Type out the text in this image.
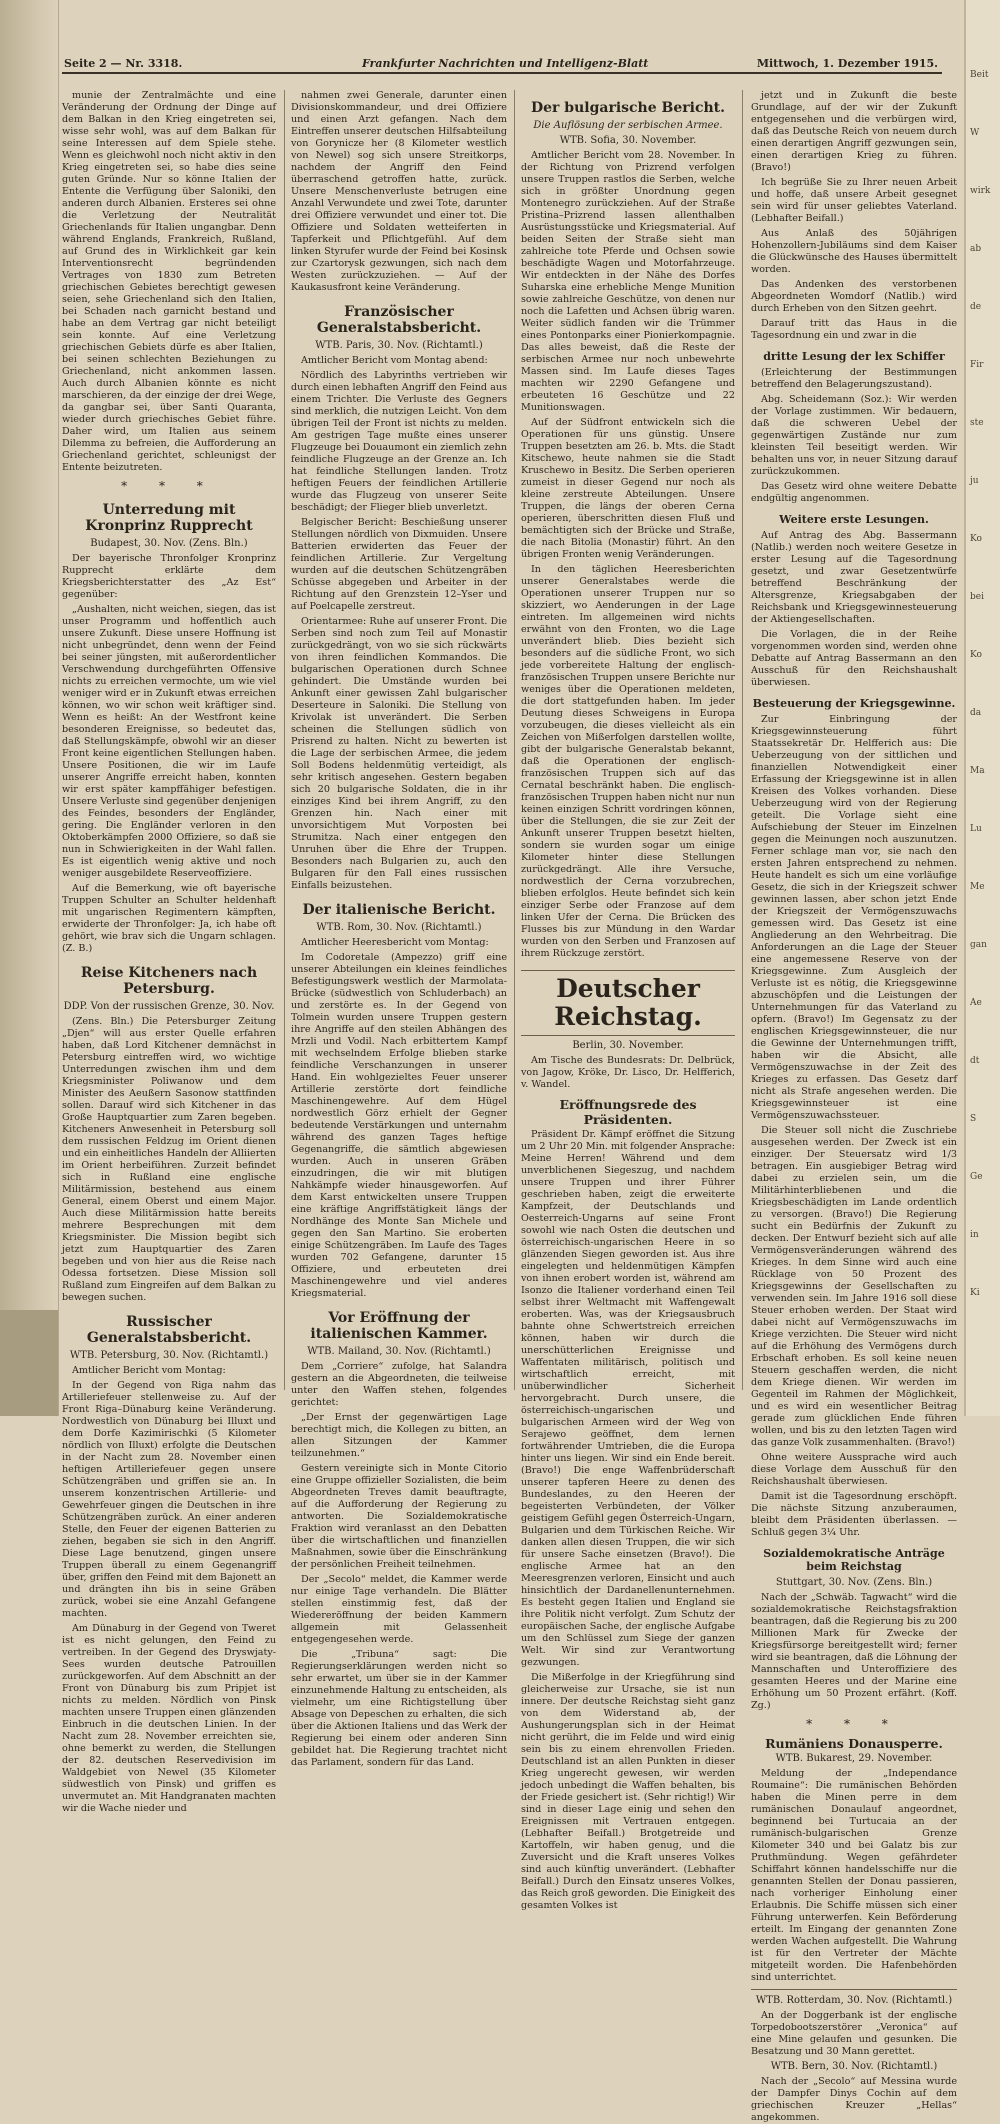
Beit
W
wirk
ab
de
Fir
ste
ju
Ko
bei
Ko
da
Ma
Lu
Me
gan
Ae
dt
S
Ge
in
Ki
Seite 2 — Nr. 3318.	Frankfurter Nachrichten und Intelligenz-Blatt	Mittwoch, 1. Dezember 1915.

munie der Zentralmächte und eine Veränderung der Ordnung der Dinge auf dem Balkan in den Krieg eingetreten sei, wisse sehr wohl, was auf dem Balkan für seine Interessen auf dem Spiele stehe. Wenn es gleichwohl noch nicht aktiv in den Krieg eingetreten sei, so habe dies seine guten Gründe. Nur so könne Italien der Entente die Verfügung über Saloniki, den anderen durch Albanien. Ersteres sei ohne die Verletzung der Neutralität Griechenlands für Italien ungangbar. Denn während Englands, Frankreich, Rußland, auf Grund des in Wirklichkeit gar kein Interventionsrecht begründenden Vertrages von 1830 zum Betreten griechischen Gebietes berechtigt gewesen seien, sehe Griechenland sich den Italien, bei Schaden nach garnicht bestand und habe an dem Vertrag gar nicht beteiligt sein konnte. Auf eine Verletzung griechischen Gebiets dürfe es aber Italien, bei seinen schlechten Beziehungen zu Griechenland, nicht ankommen lassen. Auch durch Albanien könnte es nicht marschieren, da der einzige der drei Wege, da gangbar sei, über Santi Quaranta, wieder durch griechisches Gebiet führe. Daher wird, um Italien aus seinem Dilemma zu befreien, die Aufforderung an Griechenland gerichtet, schleunigst der Entente beizutreten.

* * *
Unterredung mit Kronprinz Rupprecht
Budapest, 30. Nov. (Zens. Bln.)

Der bayerische Thronfolger Kronprinz Rupprecht erklärte dem Kriegsberichterstatter des „Az Est“ gegenüber:

„Aushalten, nicht weichen, siegen, das ist unser Programm und hoffentlich auch unsere Zukunft. Diese unsere Hoffnung ist nicht unbegründet, denn wenn der Feind bei seiner jüngsten, mit außerordentlicher Verschwendung durchgeführten Offensive nichts zu erreichen vermochte, um wie viel weniger wird er in Zukunft etwas erreichen können, wo wir schon weit kräftiger sind. Wenn es heißt: An der Westfront keine besonderen Ereignisse, so bedeutet das, daß Stellungskämpfe, obwohl wir an dieser Front keine eigentlichen Stellungen haben. Unsere Positionen, die wir im Laufe unserer Angriffe erreicht haben, konnten wir erst später kampffähiger befestigen. Unsere Verluste sind gegenüber denjenigen des Feindes, besonders der Engländer, gering. Die Engländer verloren in den Oktoberkämpfen 2000 Offiziere, so daß sie nun in Schwierigkeiten in der Wahl fallen. Es ist eigentlich wenig aktive und noch weniger ausgebildete Reserveoffiziere.

Auf die Bemerkung, wie oft bayerische Truppen Schulter an Schulter heldenhaft mit ungarischen Regimentern kämpften, erwiderte der Thronfolger: Ja, ich habe oft gehört, wie brav sich die Ungarn schlagen. (Z. B.)

Reise Kitcheners nach Petersburg.
DDP. Von der russischen Grenze, 30. Nov.

(Zens. Bln.) Die Petersburger Zeitung „Djen“ will aus erster Quelle erfahren haben, daß Lord Kitchener demnächst in Petersburg eintreffen wird, wo wichtige Unterredungen zwischen ihm und dem Kriegsminister Poliwanow und dem Minister des Aeußern Sasonow stattfinden sollen. Darauf wird sich Kitchener in das Große Hauptquartier zum Zaren begeben. Kitcheners Anwesenheit in Petersburg soll dem russischen Feldzug im Orient dienen und ein einheitliches Handeln der Alliierten im Orient herbeiführen. Zurzeit befindet sich in Rußland eine englische Militärmission, bestehend aus einem General, einem Oberst und einem Major. Auch diese Militärmission hatte bereits mehrere Besprechungen mit dem Kriegsminister. Die Mission begibt sich jetzt zum Hauptquartier des Zaren begeben und von hier aus die Reise nach Odessa fortsetzen. Diese Mission soll Rußland zum Eingreifen auf dem Balkan zu bewegen suchen.

Russischer Generalstabsbericht.
WTB. Petersburg, 30. Nov. (Richtamtl.)

Amtlicher Bericht vom Montag:

In der Gegend von Riga nahm das Artilleriefeuer stellenweise zu. Auf der Front Riga–Dünaburg keine Veränderung. Nordwestlich von Dünaburg bei Illuxt und dem Dorfe Kazimirischki (5 Kilometer nördlich von Illuxt) erfolgte die Deutschen in der Nacht zum 28. November einen heftigen Artilleriefeuer gegen unsere Schützengräben und griffen sie an. In unserem konzentrischen Artillerie- und Gewehrfeuer gingen die Deutschen in ihre Schützengräben zurück. An einer anderen Stelle, den Feuer der eigenen Batterien zu ziehen, begaben sie sich in den Angriff. Diese Lage benutzend, gingen unsere Truppen überall zu einem Gegenangriff über, griffen den Feind mit dem Bajonett an und drängten ihn bis in seine Gräben zurück, wobei sie eine Anzahl Gefangene machten.

Am Dünaburg in der Gegend von Tweret ist es nicht gelungen, den Feind zu vertreiben. In der Gegend des Dryswjaty-Sees wurden deutsche Patrouillen zurückgeworfen. Auf dem Abschnitt an der Front von Dünaburg bis zum Pripjet ist nichts zu melden. Nördlich von Pinsk machten unsere Truppen einen glänzenden Einbruch in die deutschen Linien. In der Nacht zum 28. November erreichten sie, ohne bemerkt zu werden, die Stellungen der 82. deutschen Reservedivision im Waldgebiet von Newel (35 Kilometer südwestlich von Pinsk) und griffen es unvermutet an. Mit Handgranaten machten wir die Wache nieder und

nahmen zwei Generale, darunter einen Divisionskommandeur, und drei Offiziere und einen Arzt gefangen. Nach dem Eintreffen unserer deutschen Hilfsabteilung von Gorynicze her (8 Kilometer westlich von Newel) sog sich unsere Streitkorps, nachdem der Angriff den Feind überraschend getroffen hatte, zurück. Unsere Menschenverluste betrugen eine Anzahl Verwundete und zwei Tote, darunter drei Offiziere verwundet und einer tot. Die Offiziere und Soldaten wetteiferten in Tapferkeit und Pflichtgefühl. Auf dem linken Styrufer wurde der Feind bei Kosinsk zur Czartorysk gezwungen, sich nach dem Westen zurückzuziehen. — Auf der Kaukasusfront keine Veränderung.

Französischer Generalstabsbericht.
WTB. Paris, 30. Nov. (Richtamtl.)

Amtlicher Bericht vom Montag abend:

Nördlich des Labyrinths vertrieben wir durch einen lebhaften Angriff den Feind aus einem Trichter. Die Verluste des Gegners sind merklich, die nutzigen Leicht. Von dem übrigen Teil der Front ist nichts zu melden. Am gestrigen Tage mußte eines unserer Flugzeuge bei Douaumont ein ziemlich zehn feindliche Flugzeuge an der Grenze an. Ich hat feindliche Stellungen landen. Trotz heftigen Feuers der feindlichen Artillerie wurde das Flugzeug von unserer Seite beschädigt; der Flieger blieb unverletzt.

Belgischer Bericht: Beschießung unserer Stellungen nördlich von Dixmuiden. Unsere Batterien erwiderten das Feuer der feindlichen Artillerie. Zur Vergeltung wurden auf die deutschen Schützengräben Schüsse abgegeben und Arbeiter in der Richtung auf den Grenzstein 12–Yser und auf Poelcapelle zerstreut.

Orientarmee: Ruhe auf unserer Front. Die Serben sind noch zum Teil auf Monastir zurückgedrängt, von wo sie sich rückwärts von ihren feindlichen Kommandos. Die bulgarischen Operationen durch Schnee gehindert. Die Umstände wurden bei Ankunft einer gewissen Zahl bulgarischer Deserteure in Saloniki. Die Stellung von Krivolak ist unverändert. Die Serben scheinen die Stellungen südlich von Prisrend zu halten. Nicht zu bewerten ist die Lage der serbischen Armee, die jedem Soll Bodens heldenmütig verteidigt, als sehr kritisch angesehen. Gestern begaben sich 20 bulgarische Soldaten, die in ihr einziges Kind bei ihrem Angriff, zu den Grenzen hin. Nach einer mit unvorsichtigem Mut Vorposten bei Strumitza. Nach einer entgegen den Unruhen über die Ehre der Truppen. Besonders nach Bulgarien zu, auch den Bulgaren für den Fall eines russischen Einfalls beizustehen.

Der italienische Bericht.
WTB. Rom, 30. Nov. (Richtamtl.)

Amtlicher Heeresbericht vom Montag:

Im Codoretale (Ampezzo) griff eine unserer Abteilungen ein kleines feindliches Befestigungswerk westlich der Marmolata-Brücke (südwestlich von Schluderbach) an und zerstörte es. In der Gegend von Tolmein wurden unsere Truppen gestern ihre Angriffe auf den steilen Abhängen des Mrzli und Vodil. Nach erbittertem Kampf mit wechselndem Erfolge blieben starke feindliche Verschanzungen in unserer Hand. Ein wohlgezieltes Feuer unserer Artillerie zerstörte dort feindliche Maschinengewehre. Auf dem Hügel nordwestlich Görz erhielt der Gegner bedeutende Verstärkungen und unternahm während des ganzen Tages heftige Gegenangriffe, die sämtlich abgewiesen wurden. Auch in unseren Gräben einzudringen, die wir mit blutigen Nahkämpfe wieder hinausgeworfen. Auf dem Karst entwickelten unsere Truppen eine kräftige Angriffstätigkeit längs der Nordhänge des Monte San Michele und gegen den San Martino. Sie eroberten einige Schützengräben. Im Laufe des Tages wurden 702 Gefangene, darunter 15 Offiziere, und erbeuteten drei Maschinengewehre und viel anderes Kriegsmaterial.

Vor Eröffnung der italienischen Kammer.
WTB. Mailand, 30. Nov. (Richtamtl.)

Dem „Corriere“ zufolge, hat Salandra gestern an die Abgeordneten, die teilweise unter den Waffen stehen, folgendes gerichtet:

„Der Ernst der gegenwärtigen Lage berechtigt mich, die Kollegen zu bitten, an allen Sitzungen der Kammer teilzunehmen.“

Gestern vereinigte sich in Monte Citorio eine Gruppe offizieller Sozialisten, die beim Abgeordneten Treves damit beauftragte, auf die Aufforderung der Regierung zu antworten. Die Sozialdemokratische Fraktion wird veranlasst an den Debatten über die wirtschaftlichen und finanziellen Maßnahmen, sowie über die Einschränkung der persönlichen Freiheit teilnehmen.

Der „Secolo“ meldet, die Kammer werde nur einige Tage verhandeln. Die Blätter stellen einstimmig fest, daß der Wiedereröffnung der beiden Kammern allgemein mit Gelassenheit entgegengesehen werde.

Die „Tribuna“ sagt: Die Regierungserklärungen werden nicht so sehr erwartet, um über sie in der Kammer einzunehmende Haltung zu entscheiden, als vielmehr, um eine Richtigstellung über Absage von Depeschen zu erhalten, die sich über die Aktionen Italiens und das Werk der Regierung bei einem oder anderen Sinn gebildet hat. Die Regierung trachtet nicht das Parlament, sondern für das Land.

Der bulgarische Bericht.
Die Auflösung der serbischen Armee.
WTB. Sofia, 30. November.

Amtlicher Bericht vom 28. November. In der Richtung von Prizrend verfolgen unsere Truppen rastlos die Serben, welche sich in größter Unordnung gegen Montenegro zurückziehen. Auf der Straße Pristina–Prizrend lassen allenthalben Ausrüstungsstücke und Kriegsmaterial. Auf beiden Seiten der Straße sieht man zahlreiche tote Pferde und Ochsen sowie beschädigte Wagen und Motorfahrzeuge. Wir entdeckten in der Nähe des Dorfes Suharska eine erhebliche Menge Munition sowie zahlreiche Geschütze, von denen nur noch die Lafetten und Achsen übrig waren. Weiter südlich fanden wir die Trümmer eines Pontonparks einer Pionierkompagnie. Das alles beweist, daß die Reste der serbischen Armee nur noch unbewehrte Massen sind. Im Laufe dieses Tages machten wir 2290 Gefangene und erbeuteten 16 Geschütze und 22 Munitionswagen.

Auf der Südfront entwickeln sich die Operationen für uns günstig. Unsere Truppen besetzten am 26. b. Mts. die Stadt Kitschewo, heute nahmen sie die Stadt Kruschewo in Besitz. Die Serben operieren zumeist in dieser Gegend nur noch als kleine zerstreute Abteilungen. Unsere Truppen, die längs der oberen Cerna operieren, überschritten diesen Fluß und bemächtigten sich der Brücke und Straße, die nach Bitolia (Monastir) führt. An den übrigen Fronten wenig Veränderungen.

In den täglichen Heeresberichten unserer Generalstabes werde die Operationen unserer Truppen nur so skizziert, wo Aenderungen in der Lage eintreten. Im allgemeinen wird nichts erwähnt von den Fronten, wo die Lage unverändert blieb. Dies bezieht sich besonders auf die südliche Front, wo sich jede vorbereitete Haltung der englisch-französischen Truppen unsere Berichte nur weniges über die Operationen meldeten, die dort stattgefunden haben. Im jeder Deutung dieses Schweigens in Europa vorzubeugen, die dieses vielleicht als ein Zeichen von Mißerfolgen darstellen wollte, gibt der bulgarische Generalstab bekannt, daß die Operationen der englisch-französischen Truppen sich auf das Cernatal beschränkt haben. Die englisch-französischen Truppen haben nicht nur nun keinen einzigen Schritt vordringen können, über die Stellungen, die sie zur Zeit der Ankunft unserer Truppen besetzt hielten, sondern sie wurden sogar um einige Kilometer hinter diese Stellungen zurückgedrängt. Alle ihre Versuche, nordwestlich der Cerna vorzubrechen, blieben erfolglos. Heute befindet sich kein einziger Serbe oder Franzose auf dem linken Ufer der Cerna. Die Brücken des Flusses bis zur Mündung in den Wardar wurden von den Serben und Franzosen auf ihrem Rückzuge zerstört.

Deutscher Reichstag.
Berlin, 30. November.

Am Tische des Bundesrats: Dr. Delbrück, von Jagow, Kröke, Dr. Lisco, Dr. Helfferich, v. Wandel.

Eröffnungsrede des Präsidenten.

Präsident Dr. Kämpf eröffnet die Sitzung um 2 Uhr 20 Min. mit folgender Ansprache: Meine Herren! Während und dem unverblichenen Siegeszug, und nachdem unsere Truppen und ihrer Führer geschrieben haben, zeigt die erweiterte Kampfzeit, der Deutschlands und Oesterreich-Ungarns auf seine Front sowohl wie nach Osten die deutschen und österreichisch-ungarischen Heere in so glänzenden Siegen geworden ist. Aus ihre eingelegten und heldenmütigen Kämpfen von ihnen erobert worden ist, während am Isonzo die Italiener vorderhand einen Teil selbst ihrer Weltmacht mit Waffengewalt eroberten. Was, was der Kriegsausbruch bahnte ohne Schwertstreich erreichen können, haben wir durch die unerschütterlichen Ereignisse und Waffentaten militärisch, politisch und wirtschaftlich erreicht, mit unüberwindlicher Sicherheit hervorgebracht. Durch unsere, die österreichisch-ungarischen und bulgarischen Armeen wird der Weg von Serajewo geöffnet, dem lernen fortwährender Umtrieben, die die Europa hinter uns liegen. Wir sind ein Ende bereit. (Bravo!) Die enge Waffenbrüderschaft unserer tapferen Heere zu denen des Bundeslandes, zu den Heeren der begeisterten Verbündeten, der Völker geistigem Gefühl gegen Österreich-Ungarn, Bulgarien und dem Türkischen Reiche. Wir danken allen diesen Truppen, die wir sich für unsere Sache einsetzen (Bravo!). Die englische Armee hat an den Meeresgrenzen verloren, Einsicht und auch hinsichtlich der Dardanellenunternehmen. Es besteht gegen Italien und England sie ihre Politik nicht verfolgt. Zum Schutz der europäischen Sache, der englische Aufgabe um den Schlüssel zum Siege der ganzen Welt. Wir sind zur Verantwortung gezwungen.

Die Mißerfolge in der Kriegführung sind gleicherweise zur Ursache, sie ist nun innere. Der deutsche Reichstag sieht ganz von dem Widerstand ab, der Aushungerungsplan sich in der Heimat nicht gerührt, die im Felde und wird einig sein bis zu einem ehrenvollen Frieden. Deutschland ist an allen Punkten in dieser Krieg ungerecht gewesen, wir werden jedoch unbedingt die Waffen behalten, bis der Friede gesichert ist. (Sehr richtig!) Wir sind in dieser Lage einig und sehen den Ereignissen mit Vertrauen entgegen. (Lebhafter Beifall.) Brotgetreide und Kartoffeln, wir haben genug, und die Zuversicht und die Kraft unseres Volkes sind auch künftig unverändert. (Lebhafter Beifall.) Durch den Einsatz unseres Volkes, das Reich groß geworden. Die Einigkeit des gesamten Volkes ist

jetzt und in Zukunft die beste Grundlage, auf der wir der Zukunft entgegensehen und die verbürgen wird, daß das Deutsche Reich von neuem durch einen derartigen Angriff gezwungen sein, einen derartigen Krieg zu führen. (Bravo!)

Ich begrüße Sie zu Ihrer neuen Arbeit und hoffe, daß unsere Arbeit gesegnet sein wird für unser geliebtes Vaterland. (Lebhafter Beifall.)

Aus Anlaß des 50jährigen Hohenzollern-Jubiläums sind dem Kaiser die Glückwünsche des Hauses übermittelt worden.

Das Andenken des verstorbenen Abgeordneten Womdorf (Natlib.) wird durch Erheben von den Sitzen geehrt.

Darauf tritt das Haus in die Tagesordnung ein und zwar in die

dritte Lesung der lex Schiffer

(Erleichterung der Bestimmungen betreffend den Belagerungszustand).

Abg. Scheidemann (Soz.): Wir werden der Vorlage zustimmen. Wir bedauern, daß die schweren Uebel der gegenwärtigen Zustände nur zum kleinsten Teil beseitigt werden. Wir behalten uns vor, in neuer Sitzung darauf zurückzukommen.

Das Gesetz wird ohne weitere Debatte endgültig angenommen.

Weitere erste Lesungen.

Auf Antrag des Abg. Bassermann (Natlib.) werden noch weitere Gesetze in erster Lesung auf die Tagesordnung gesetzt, und zwar Gesetzentwürfe betreffend Beschränkung der Altersgrenze, Kriegsabgaben der Reichsbank und Kriegsgewinnesteuerung der Aktiengesellschaften.

Die Vorlagen, die in der Reihe vorgenommen worden sind, werden ohne Debatte auf Antrag Bassermann an den Ausschuß für den Reichshaushalt überwiesen.

Besteuerung der Kriegsgewinne.

Zur Einbringung der Kriegsgewinnsteuerung führt Staatssekretär Dr. Helfferich aus: Die Ueberzeugung von der sittlichen und finanziellen Notwendigkeit einer Erfassung der Kriegsgewinne ist in allen Kreisen des Volkes vorhanden. Diese Ueberzeugung wird von der Regierung geteilt. Die Vorlage sieht eine Aufschiebung der Steuer im Einzelnen gegen die Meinungen noch auszunutzen. Ferner schlage man vor, sie nach den ersten Jahren entsprechend zu nehmen. Heute handelt es sich um eine vorläufige Gesetz, die sich in der Kriegszeit schwer gewinnen lassen, aber schon jetzt Ende der Kriegszeit der Vermögenszuwachs gemessen wird. Das Gesetz ist eine Angliederung an den Wehrbeitrag. Die Anforderungen an die Lage der Steuer eine angemessene Reserve von der Kriegsgewinne. Zum Ausgleich der Verluste ist es nötig, die Kriegsgewinne abzuschöpfen und die Leistungen der Unternehmungen für das Vaterland zu opfern. (Bravo!) Im Gegensatz zu der englischen Kriegsgewinnsteuer, die nur die Gewinne der Unternehmungen trifft, haben wir die Absicht, alle Vermögenszuwachse in der Zeit des Krieges zu erfassen. Das Gesetz darf nicht als Strafe angesehen werden. Die Kriegsgewinnsteuer ist eine Vermögenszuwachssteuer.

Die Steuer soll nicht die Zuschriebe ausgesehen werden. Der Zweck ist ein einziger. Der Steuersatz wird 1/3 betragen. Ein ausgiebiger Betrag wird dabei zu erzielen sein, um die Militärhinterbliebenen und die Kriegsbeschädigten im Lande ordentlich zu versorgen. (Bravo!) Die Regierung sucht ein Bedürfnis der Zukunft zu decken. Der Entwurf bezieht sich auf alle Vermögensveränderungen während des Krieges. In dem Sinne wird auch eine Rücklage von 50 Prozent des Kriegsgewinns der Gesellschaften zu verwenden sein. Im Jahre 1916 soll diese Steuer erhoben werden. Der Staat wird dabei nicht auf Vermögenszuwachs im Kriege verzichten. Die Steuer wird nicht auf die Erhöhung des Vermögens durch Erbschaft erhoben. Es soll keine neuen Steuern geschaffen werden, die nicht dem Kriege dienen. Wir werden im Gegenteil im Rahmen der Möglichkeit, und es wird ein wesentlicher Beitrag gerade zum glücklichen Ende führen wollen, und bis zu den letzten Tagen wird das ganze Volk zusammenhalten. (Bravo!)

Ohne weitere Aussprache wird auch diese Vorlage dem Ausschuß für den Reichshaushalt überwiesen.

Damit ist die Tagesordnung erschöpft. Die nächste Sitzung anzuberaumen, bleibt dem Präsidenten überlassen. — Schluß gegen 3¼ Uhr.

Sozialdemokratische Anträge beim Reichstag
Stuttgart, 30. Nov. (Zens. Bln.)

Nach der „Schwäb. Tagwacht“ wird die sozialdemokratische Reichstagsfraktion beantragen, daß die Regierung bis zu 200 Millionen Mark für Zwecke der Kriegsfürsorge bereitgestellt wird; ferner wird sie beantragen, daß die Löhnung der Mannschaften und Unteroffiziere des gesamten Heeres und der Marine eine Erhöhung um 50 Prozent erfährt. (Koff. Zg.)

* * *
Rumäniens Donausperre.
WTB. Bukarest, 29. November.

Meldung der „Independance Roumaine“: Die rumänischen Behörden haben die Minen perre in dem rumänischen Donaulauf angeordnet, beginnend bei Turtucaia an der rumänisch-bulgarischen Grenze Kilometer 340 und bei Galatz bis zur Pruthmündung. Wegen gefährdeter Schiffahrt können handelsschiffe nur die genannten Stellen der Donau passieren, nach vorheriger Einholung einer Erlaubnis. Die Schiffe müssen sich einer Führung unterwerfen. Kein Beförderung erteilt. Im Eingang der genannten Zone werden Wachen aufgestellt. Die Wahrung ist für den Vertreter der Mächte mitgeteilt worden. Die Hafenbehörden sind unterrichtet.

WTB. Rotterdam, 30. Nov. (Richtamtl.)

An der Doggerbank ist der englische Torpedobootszerstörer „Veronica“ auf eine Mine gelaufen und gesunken. Die Besatzung und 30 Mann gerettet.

WTB. Bern, 30. Nov. (Richtamtl.)

Nach der „Secolo“ auf Messina wurde der Dampfer Dinys Cochin auf dem griechischen Kreuzer „Hellas“ angekommen.
